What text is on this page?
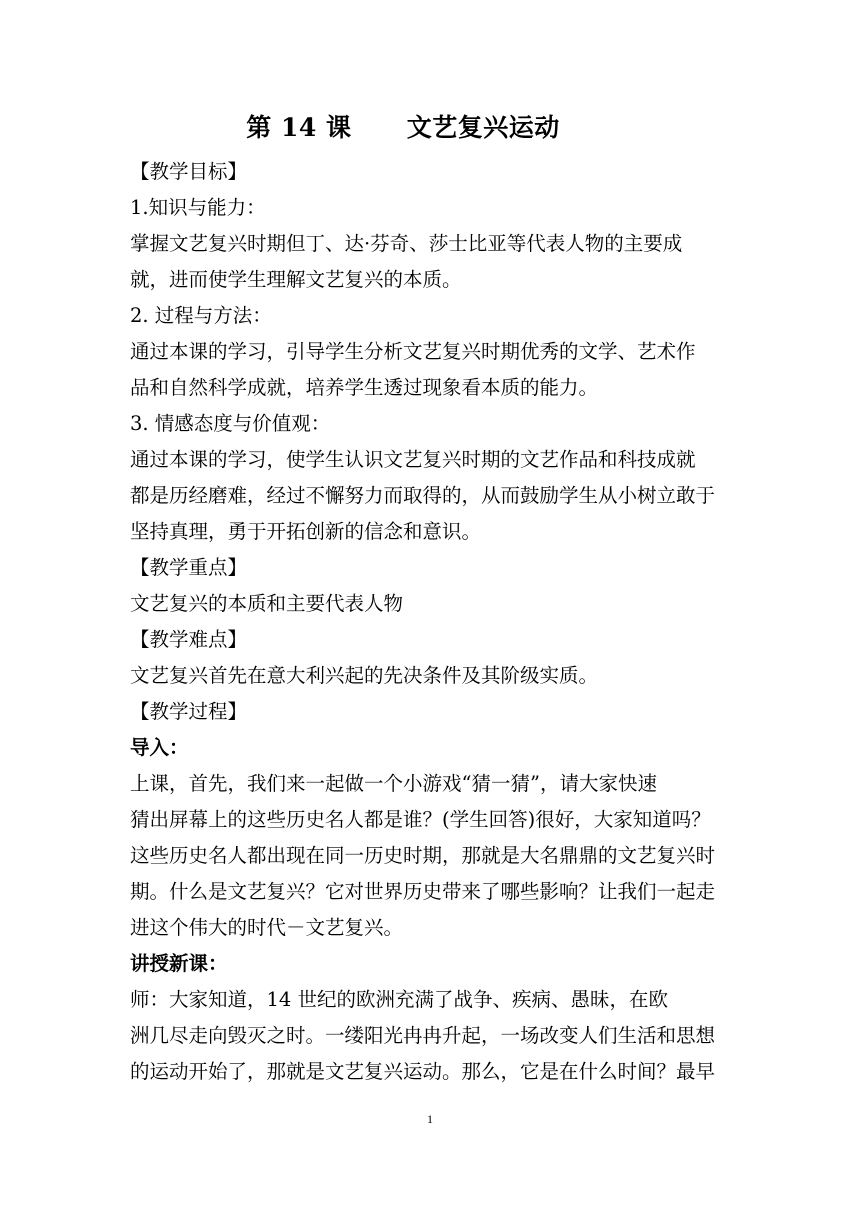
第 14 课      文艺复兴运动
【教学目标】
1.知识与能力：
掌握文艺复兴时期但丁、达·芬奇、莎士比亚等代表人物的主要成
就，进而使学生理解文艺复兴的本质。
2. 过程与方法：
通过本课的学习，引导学生分析文艺复兴时期优秀的文学、艺术作
品和自然科学成就，培养学生透过现象看本质的能力。
3. 情感态度与价值观：
通过本课的学习，使学生认识文艺复兴时期的文艺作品和科技成就
都是历经磨难，经过不懈努力而取得的，从而鼓励学生从小树立敢于
坚持真理，勇于开拓创新的信念和意识。
【教学重点】
文艺复兴的本质和主要代表人物
【教学难点】
文艺复兴首先在意大利兴起的先决条件及其阶级实质。
【教学过程】
导入：
上课，首先，我们来一起做一个小游戏“猜一猜”，请大家快速
猜出屏幕上的这些历史名人都是谁？(学生回答)很好，大家知道吗？
这些历史名人都出现在同一历史时期，那就是大名鼎鼎的文艺复兴时
期。什么是文艺复兴？它对世界历史带来了哪些影响？让我们一起走
进这个伟大的时代－文艺复兴。
讲授新课：
师：大家知道，14 世纪的欧洲充满了战争、疾病、愚昧，在欧
洲几尽走向毁灭之时。一缕阳光冉冉升起，一场改变人们生活和思想
的运动开始了，那就是文艺复兴运动。那么，它是在什么时间？最早
1
